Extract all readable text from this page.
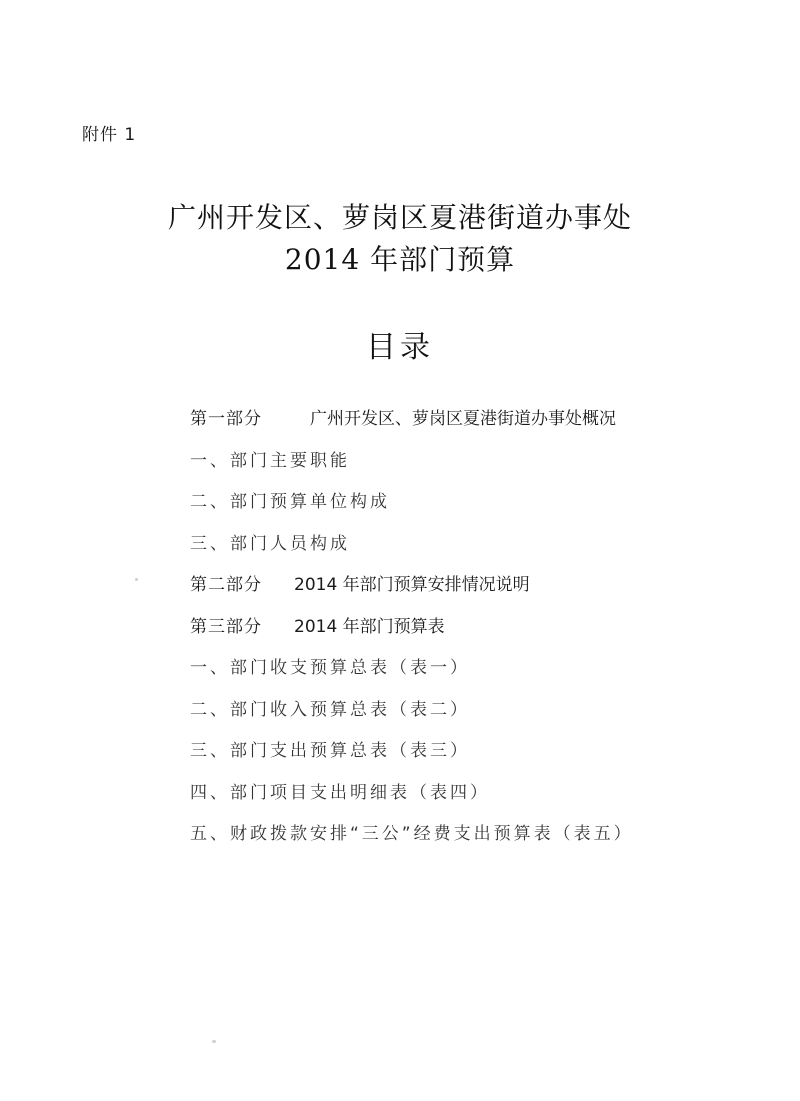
附件 1
广州开发区、萝岗区夏港街道办事处
2014 年部门预算
目录
第一部分	广州开发区、萝岗区夏港街道办事处概况
一、部门主要职能
二、部门预算单位构成
三、部门人员构成
第二部分 2014 年部门预算安排情况说明
第三部分 2014 年部门预算表
一、部门收支预算总表（表一）
二、部门收入预算总表（表二）
三、部门支出预算总表（表三）
四、部门项目支出明细表（表四）
五、财政拨款安排“三公”经费支出预算表（表五）
